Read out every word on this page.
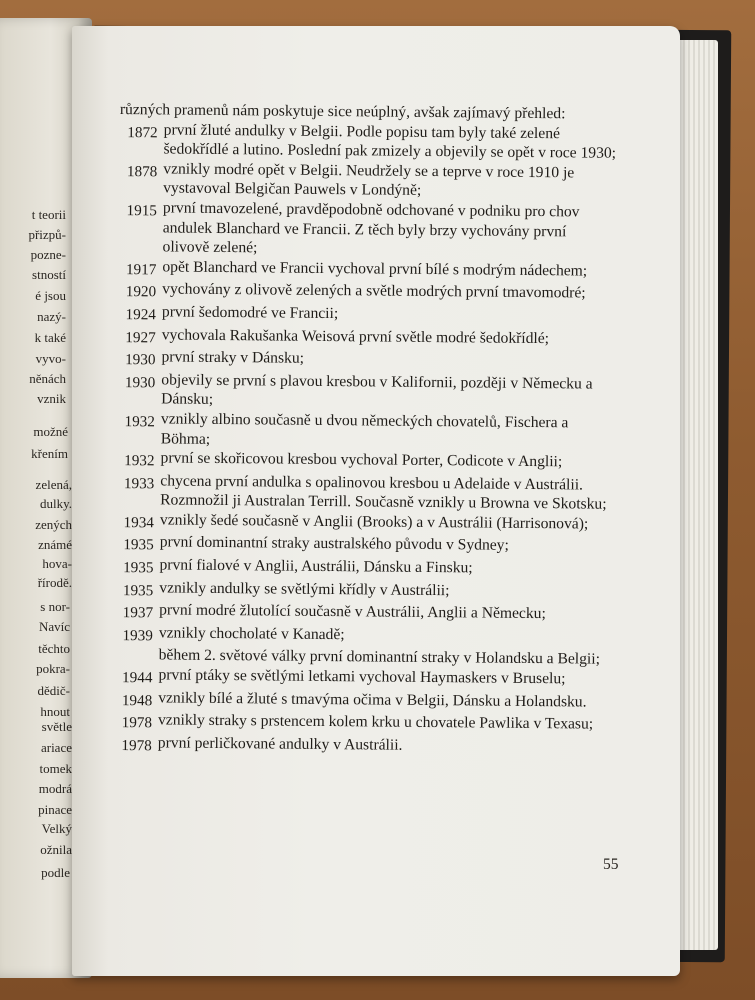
t teorii
přizpů-
pozne-
stností
é jsou
nazý-
k také
vyvo-
něnách
vznik
možné
křením
zelená,
dulky.
zených
známé
hova-
řírodě.
s nor-
Navíc
těchto
pokra-
dědič-
hnout
světle
ariace
tomek
modrá
pinace
Velký
ožnila
podle
různých pramenů nám poskytuje sice neúplný, avšak zajímavý přehled:
1872 první žluté andulky v Belgii. Podle popisu tam byly také zelené šedokřídlé a lutino. Poslední pak zmizely a objevily se opět v roce 1930;
1878 vznikly modré opět v Belgii. Neudržely se a teprve v roce 1910 je vystavoval Belgičan Pauwels v Londýně;
1915 první tmavozelené, pravděpodobně odchované v podniku pro chov andulek Blanchard ve Francii. Z těch byly brzy vychovány první olivově zelené;
1917 opět Blanchard ve Francii vychoval první bílé s modrým nádechem;
1920 vychovány z olivově zelených a světle modrých první tmavomodré;
1924 první šedomodré ve Francii;
1927 vychovala Rakušanka Weisová první světle modré šedokřídlé;
1930 první straky v Dánsku;
1930 objevily se první s plavou kresbou v Kalifornii, později v Německu a Dánsku;
1932 vznikly albino současně u dvou německých chovatelů, Fischera a Böhma;
1932 první se skořicovou kresbou vychoval Porter, Codicote v Anglii;
1933 chycena první andulka s opalinovou kresbou u Adelaide v Austrálii. Rozmnožil ji Australan Terrill. Současně vznikly u Browna ve Skotsku;
1934 vznikly šedé současně v Anglii (Brooks) a v Austrálii (Harrisonová);
1935 první dominantní straky australského původu v Sydney;
1935 první fialové v Anglii, Austrálii, Dánsku a Finsku;
1935 vznikly andulky se světlými křídly v Austrálii;
1937 první modré žlutolící současně v Austrálii, Anglii a Německu;
1939 vznikly chocholaté v Kanadě;
během 2. světové války první dominantní straky v Holandsku a Belgii;
1944 první ptáky se světlými letkami vychoval Haymaskers v Bruselu;
1948 vznikly bílé a žluté s tmavýma očima v Belgii, Dánsku a Holandsku.
1978 vznikly straky s prstencem kolem krku u chovatele Pawlika v Texasu;
1978 první perličkované andulky v Austrálii.
55
